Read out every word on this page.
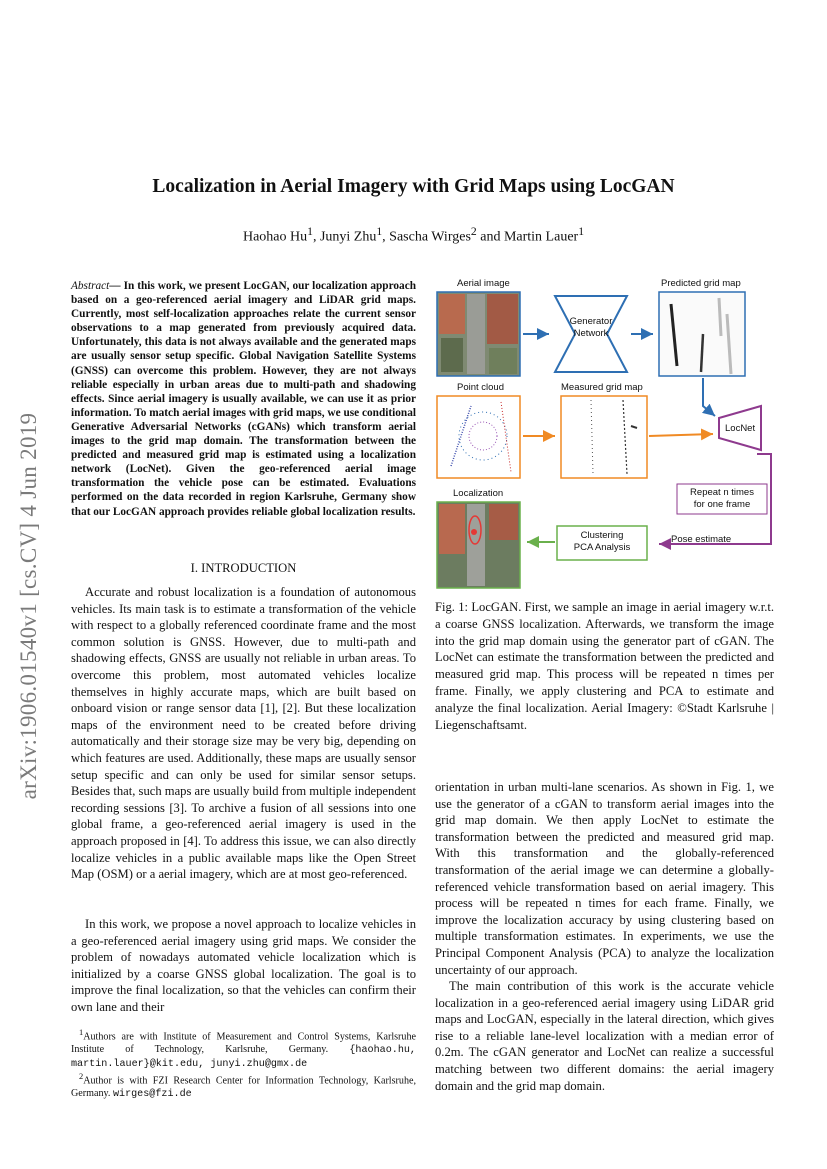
arXiv:1906.01540v1 [cs.CV] 4 Jun 2019
Localization in Aerial Imagery with Grid Maps using LocGAN
Haohao Hu$^1$, Junyi Zhu$^1$, Sascha Wirges$^2$ and Martin Lauer$^1$
Abstract— In this work, we present LocGAN, our localization approach based on a geo-referenced aerial imagery and LiDAR grid maps. Currently, most self-localization approaches relate the current sensor observations to a map generated from previously acquired data. Unfortunately, this data is not always available and the generated maps are usually sensor setup specific. Global Navigation Satellite Systems (GNSS) can overcome this problem. However, they are not always reliable especially in urban areas due to multi-path and shadowing effects. Since aerial imagery is usually available, we can use it as prior information. To match aerial images with grid maps, we use conditional Generative Adversarial Networks (cGANs) which transform aerial images to the grid map domain. The transformation between the predicted and measured grid map is estimated using a localization network (LocNet). Given the geo-referenced aerial image transformation the vehicle pose can be estimated. Evaluations performed on the data recorded in region Karlsruhe, Germany show that our LocGAN approach provides reliable global localization results.
I. INTRODUCTION

Accurate and robust localization is a foundation of autonomous vehicles. Its main task is to estimate a transformation of the vehicle with respect to a globally referenced coordinate frame and the most common solution is GNSS. However, due to multi-path and shadowing effects, GNSS are usually not reliable in urban areas. To overcome this problem, most automated vehicles localize themselves in highly accurate maps, which are built based on onboard vision or range sensor data [1], [2]. But these localization maps of the environment need to be created before driving automatically and their storage size may be very big, depending on which features are used. Additionally, these maps are usually sensor setup specific and can only be used for similar sensor setups. Besides that, such maps are usually build from multiple independent recording sessions [3]. To archive a fusion of all sessions into one global frame, a geo-referenced aerial imagery is used in the approach proposed in [4]. To address this issue, we can also directly localize vehicles in a public available maps like the Open Street Map (OSM) or a aerial imagery, which are at most geo-referenced.

In this work, we propose a novel approach to localize vehicles in a geo-referenced aerial imagery using grid maps. We consider the problem of nowadays automated vehicle localization which is initialized by a coarse GNSS global localization. The goal is to improve the final localization, so that the vehicles can confirm their own lane and their

$^1$Authors are with Institute of Measurement and Control Systems, Karlsruhe Institute of Technology, Karlsruhe, Germany. {haohao.hu, martin.lauer}@kit.edu, junyi.zhu@gmx.de

$^2$Author is with FZI Research Center for Information Technology, Karlsruhe, Germany. wirges@fzi.de

Aerial image	Predicted grid map
Generator
Network
Point cloud	Measured grid map
LocNet
Repeat n times
for one frame
Localization
Clustering
PCA Analysis
Pose estimate
Fig. 1: LocGAN. First, we sample an image in aerial imagery w.r.t. a coarse GNSS localization. Afterwards, we transform the image into the grid map domain using the generator part of cGAN. The LocNet can estimate the transformation between the predicted and measured grid map. This process will be repeated n times per frame. Finally, we apply clustering and PCA to estimate and analyze the final localization. Aerial Imagery: ©Stadt Karlsruhe | Liegenschaftsamt.

orientation in urban multi-lane scenarios. As shown in Fig. 1, we use the generator of a cGAN to transform aerial images into the grid map domain. We then apply LocNet to estimate the transformation between the predicted and measured grid map. With this transformation and the globally-referenced transformation of the aerial image we can determine a globally-referenced vehicle transformation based on aerial imagery. This process will be repeated n times for each frame. Finally, we improve the localization accuracy by using clustering based on multiple transformation estimates. In experiments, we use the Principal Component Analysis (PCA) to analyze the localization uncertainty of our approach.

The main contribution of this work is the accurate vehicle localization in a geo-referenced aerial imagery using LiDAR grid maps and LocGAN, especially in the lateral direction, which gives rise to a reliable lane-level localization with a median error of 0.2m. The cGAN generator and LocNet can realize a successful matching between two different domains: the aerial imagery domain and the grid map domain.
